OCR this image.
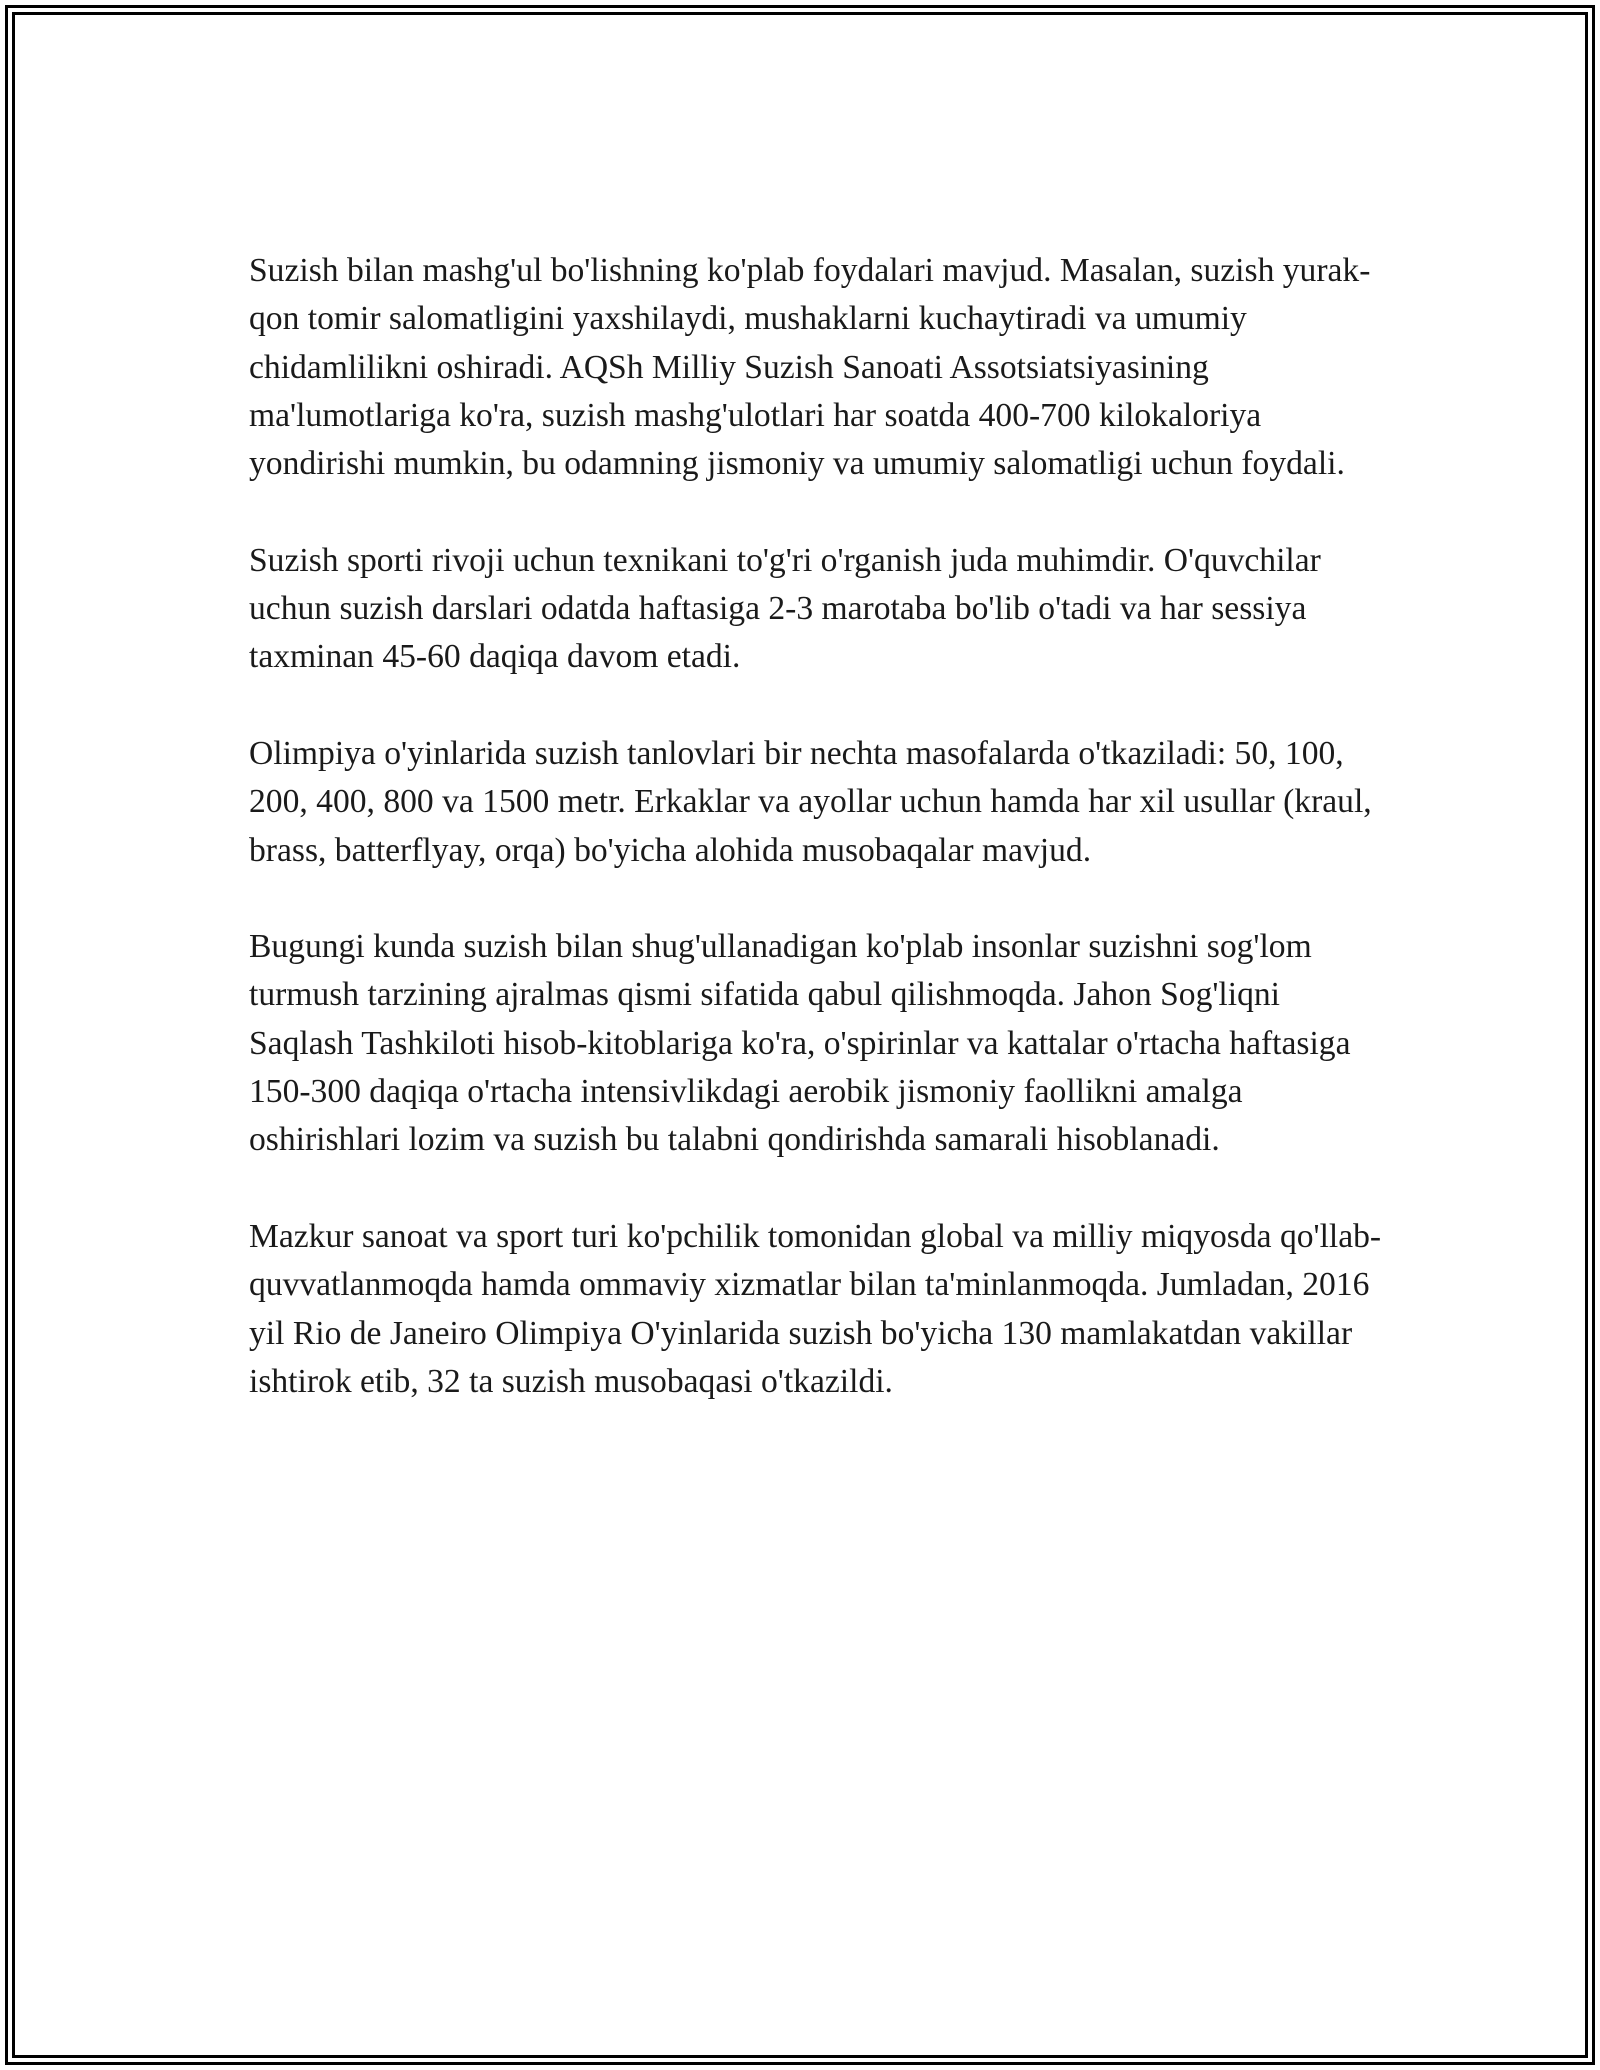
Suzish bilan mashg'ul bo'lishning ko'plab foydalari mavjud. Masalan, suzish yurak-qon tomir salomatligini yaxshilaydi, mushaklarni kuchaytiradi va umumiy chidamlilikni oshiradi. AQSh Milliy Suzish Sanoati Assotsiatsiyasining ma'lumotlariga ko'ra, suzish mashg'ulotlari har soatda 400-700 kilokaloriya yondirishi mumkin, bu odamning jismoniy va umumiy salomatligi uchun foydali.

Suzish sporti rivoji uchun texnikani to'g'ri o'rganish juda muhimdir. O'quvchilar uchun suzish darslari odatda haftasiga 2-3 marotaba bo'lib o'tadi va har sessiya taxminan 45-60 daqiqa davom etadi.

Olimpiya o'yinlarida suzish tanlovlari bir nechta masofalarda o'tkaziladi: 50, 100, 200, 400, 800 va 1500 metr. Erkaklar va ayollar uchun hamda har xil usullar (kraul, brass, batterflyay, orqa) bo'yicha alohida musobaqalar mavjud.

Bugungi kunda suzish bilan shug'ullanadigan ko'plab insonlar suzishni sog'lom turmush tarzining ajralmas qismi sifatida qabul qilishmoqda. Jahon Sog'liqni Saqlash Tashkiloti hisob-kitoblariga ko'ra, o'spirinlar va kattalar o'rtacha haftasiga 150-300 daqiqa o'rtacha intensivlikdagi aerobik jismoniy faollikni amalga oshirishlari lozim va suzish bu talabni qondirishda samarali hisoblanadi.

Mazkur sanoat va sport turi ko'pchilik tomonidan global va milliy miqyosda qo'llab-quvvatlanmoqda hamda ommaviy xizmatlar bilan ta'minlanmoqda. Jumladan, 2016 yil Rio de Janeiro Olimpiya O'yinlarida suzish bo'yicha 130 mamlakatdan vakillar ishtirok etib, 32 ta suzish musobaqasi o'tkazildi.
